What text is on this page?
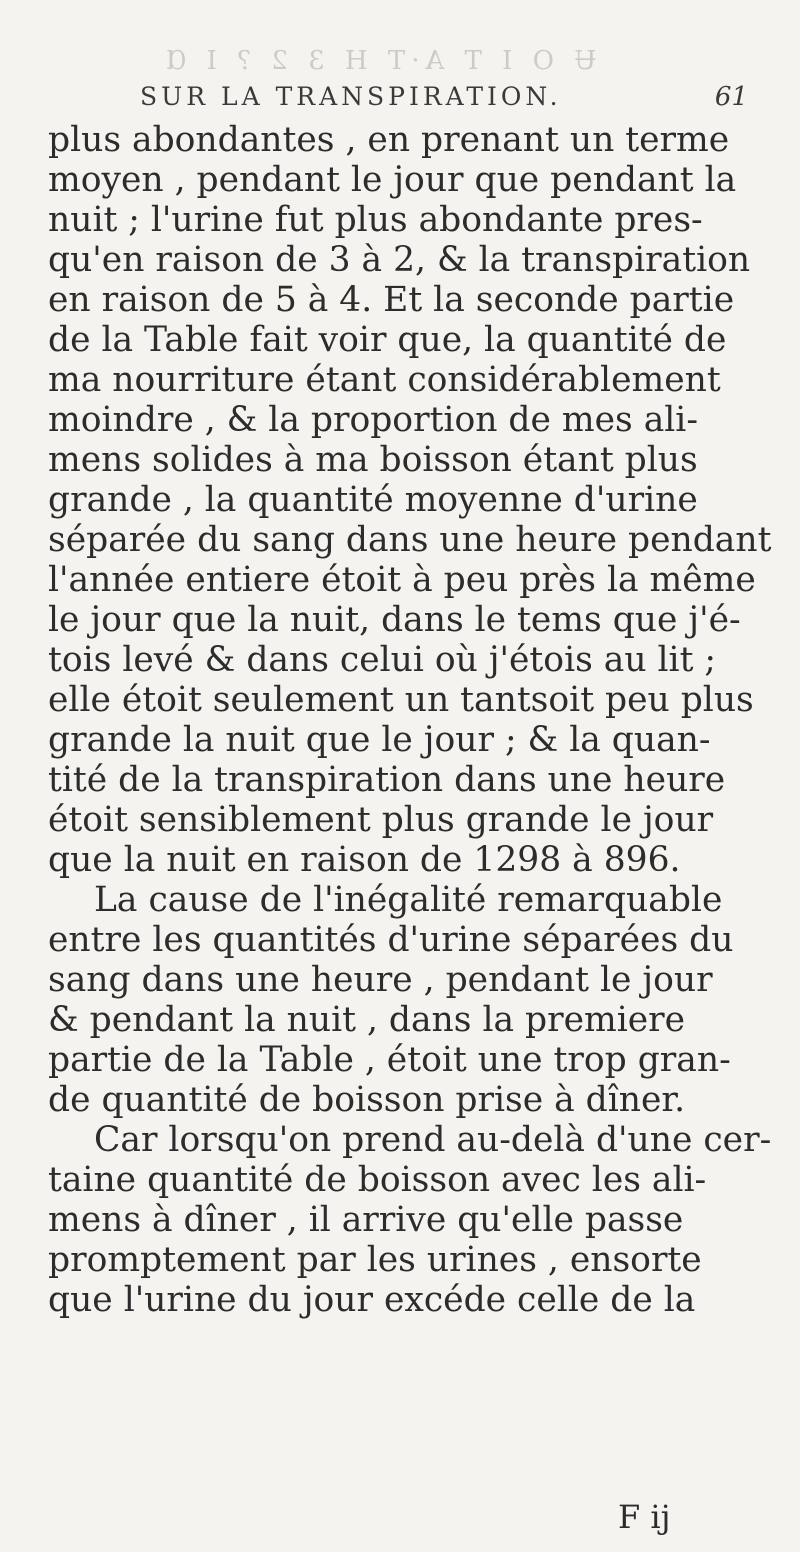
Ʉ O I T A·T H 3 2 ? I Ɑ
SUR LA TRANSPIRATION.	61
plus abondantes , en prenant un terme
moyen , pendant le jour que pendant la
nuit ; l'urine fut plus abondante pres-
qu'en raison de 3 à 2, & la transpiration
en raison de 5 à 4. Et la seconde partie
de la Table fait voir que, la quantité de
ma nourriture étant considérablement
moindre , & la proportion de mes ali-
mens solides à ma boisson étant plus
grande , la quantité moyenne d'urine
séparée du sang dans une heure pendant
l'année entiere étoit à peu près la même
le jour que la nuit, dans le tems que j'é-
tois levé & dans celui où j'étois au lit ;
elle étoit seulement un tantsoit peu plus
grande la nuit que le jour ; & la quan-
tité de la transpiration dans une heure
étoit sensiblement plus grande le jour
que la nuit en raison de 1298 à 896.
La cause de l'inégalité remarquable
entre les quantités d'urine séparées du
sang dans une heure , pendant le jour
& pendant la nuit , dans la premiere
partie de la Table , étoit une trop gran-
de quantité de boisson prise à dîner.
Car lorsqu'on prend au-delà d'une cer-
taine quantité de boisson avec les ali-
mens à dîner , il arrive qu'elle passe
promptement par les urines , ensorte
que l'urine du jour excéde celle de la
F ij
